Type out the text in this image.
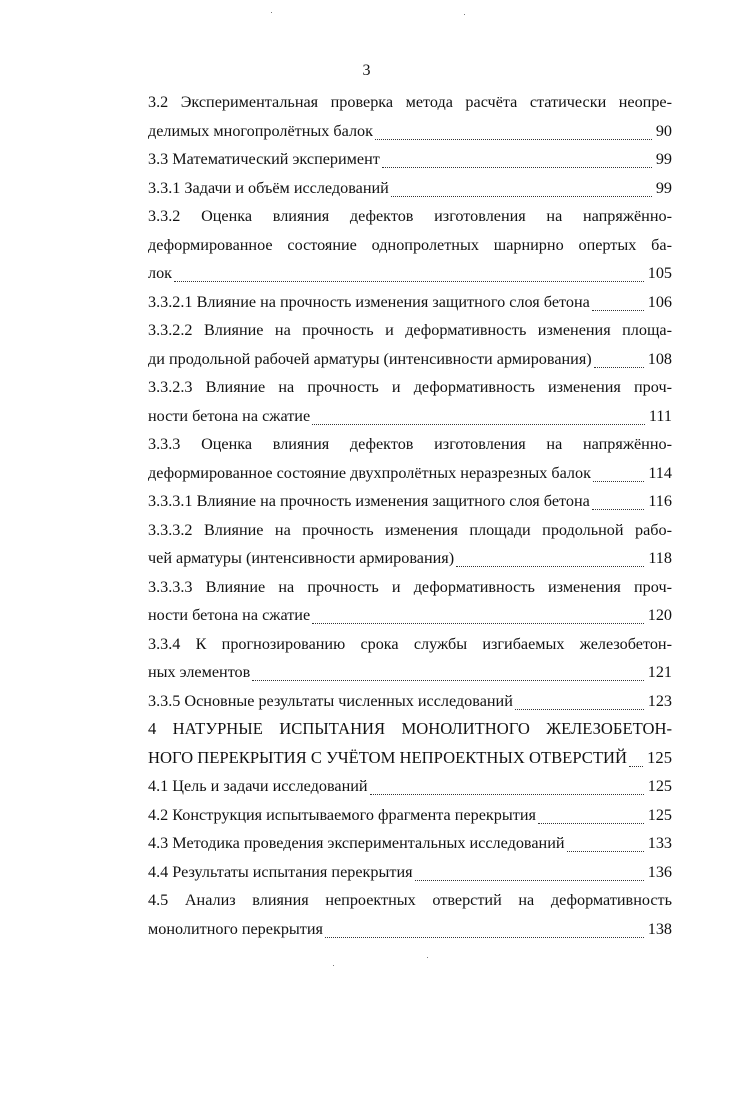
3
3.2 Экспериментальная проверка метода расчёта статически неопре-
делимых многопролётных балок	90
3.3 Математический эксперимент	99
3.3.1 Задачи и объём исследований	99
3.3.2 Оценка влияния дефектов изготовления на напряжённо-
деформированное состояние однопролетных шарнирно опертых ба-
лок	105
3.3.2.1 Влияние на прочность изменения защитного слоя бетона	106
3.3.2.2 Влияние на прочность и деформативность изменения площа-
ди продольной рабочей арматуры (интенсивности армирования)	108
3.3.2.3 Влияние на прочность и деформативность изменения проч-
ности бетона на сжатие	111
3.3.3 Оценка влияния дефектов изготовления на напряжённо-
деформированное состояние двухпролётных неразрезных балок	114
3.3.3.1 Влияние на прочность изменения защитного слоя бетона	116
3.3.3.2 Влияние на прочность изменения площади продольной рабо-
чей арматуры (интенсивности армирования)	118
3.3.3.3 Влияние на прочность и деформативность изменения проч-
ности бетона на сжатие	120
3.3.4 К прогнозированию срока службы изгибаемых железобетон-
ных элементов	121
3.3.5 Основные результаты численных исследований	123
4 НАТУРНЫЕ ИСПЫТАНИЯ МОНОЛИТНОГО ЖЕЛЕЗОБЕТОН-
НОГО ПЕРЕКРЫТИЯ С УЧЁТОМ НЕПРОЕКТНЫХ ОТВЕРСТИЙ 125
4.1 Цель и задачи исследований	125
4.2 Конструкция испытываемого фрагмента перекрытия	125
4.3 Методика проведения экспериментальных исследований	133
4.4 Результаты испытания перекрытия	136
4.5 Анализ влияния непроектных отверстий на деформативность
монолитного перекрытия	138
